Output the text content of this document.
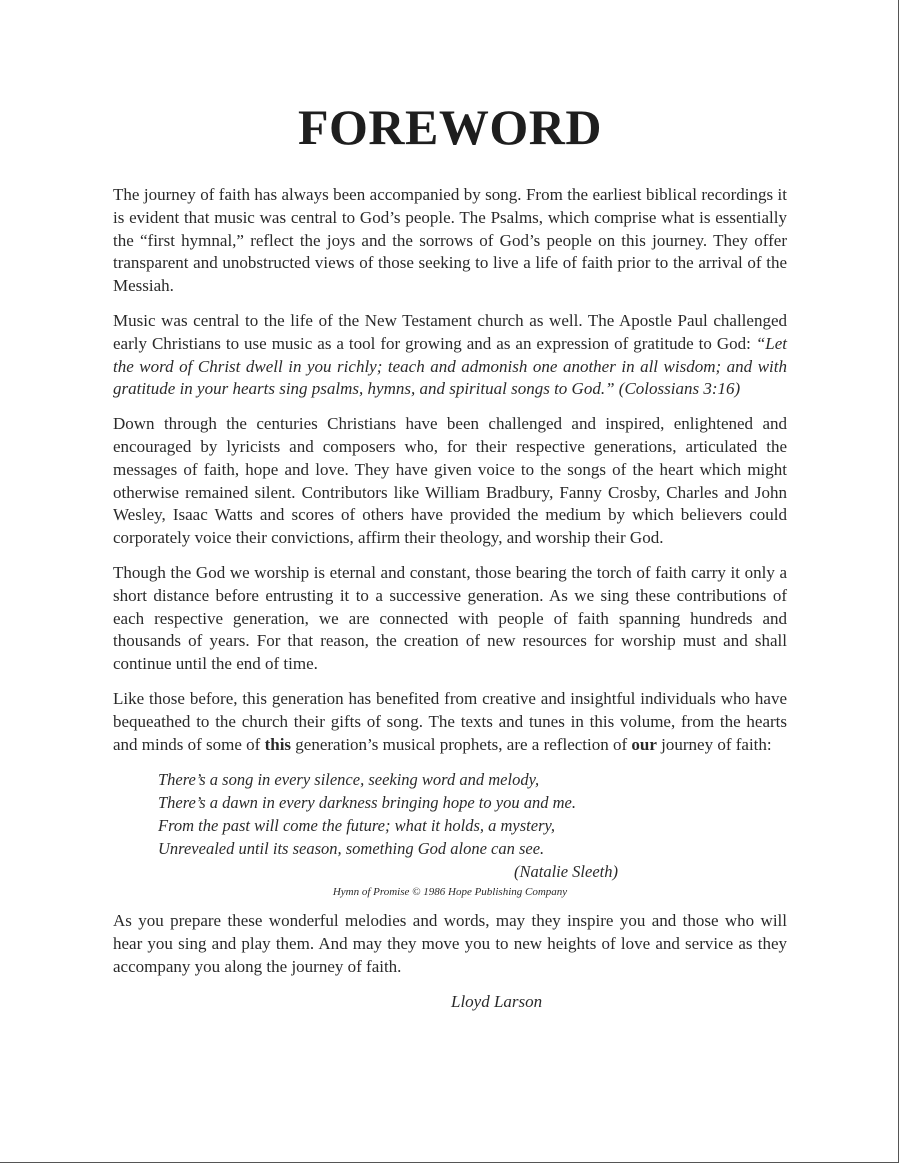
FOREWORD

The journey of faith has always been accompanied by song. From the earliest biblical recordings it is evident that music was central to God’s people. The Psalms, which comprise what is essentially the “first hymnal,” reflect the joys and the sorrows of God’s people on this journey. They offer transparent and unobstructed views of those seeking to live a life of faith prior to the arrival of the Messiah.

Music was central to the life of the New Testament church as well. The Apostle Paul challenged early Christians to use music as a tool for growing and as an expression of gratitude to God: “Let the word of Christ dwell in you richly; teach and admonish one another in all wisdom; and with gratitude in your hearts sing psalms, hymns, and spiritual songs to God.” (Colossians 3:16)

Down through the centuries Christians have been challenged and inspired, enlightened and encouraged by lyricists and composers who, for their respective generations, articulated the messages of faith, hope and love. They have given voice to the songs of the heart which might otherwise remained silent. Contributors like William Bradbury, Fanny Crosby, Charles and John Wesley, Isaac Watts and scores of others have provided the medium by which believers could corporately voice their convictions, affirm their theology, and worship their God.

Though the God we worship is eternal and constant, those bearing the torch of faith carry it only a short distance before entrusting it to a successive generation. As we sing these contributions of each respective generation, we are connected with people of faith spanning hundreds and thousands of years. For that reason, the creation of new resources for worship must and shall continue until the end of time.

Like those before, this generation has benefited from creative and insightful individuals who have bequeathed to the church their gifts of song. The texts and tunes in this volume, from the hearts and minds of some of this generation’s musical prophets, are a reflection of our journey of faith:

There’s a song in every silence, seeking word and melody,
There’s a dawn in every darkness bringing hope to you and me.
From the past will come the future; what it holds, a mystery,
Unrevealed until its season, something God alone can see.
(Natalie Sleeth)
Hymn of Promise © 1986 Hope Publishing Company

As you prepare these wonderful melodies and words, may they inspire you and those who will hear you sing and play them. And may they move you to new heights of love and service as they accompany you along the journey of faith.

Lloyd Larson
